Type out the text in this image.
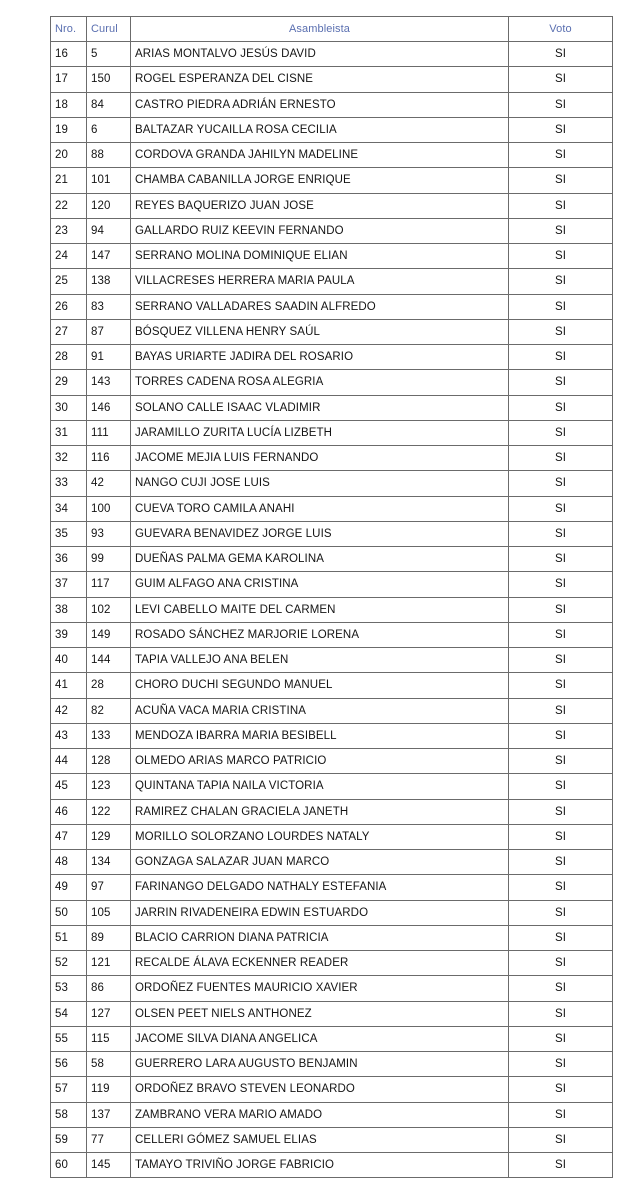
Nro.	Curul	Asambleista	Voto
16	5	ARIAS MONTALVO JESÚS DAVID	SI
17	150	ROGEL ESPERANZA DEL CISNE	SI
18	84	CASTRO PIEDRA ADRIÁN ERNESTO	SI
19	6	BALTAZAR YUCAILLA ROSA CECILIA	SI
20	88	CORDOVA GRANDA JAHILYN MADELINE	SI
21	101	CHAMBA CABANILLA JORGE ENRIQUE	SI
22	120	REYES BAQUERIZO JUAN JOSE	SI
23	94	GALLARDO RUIZ KEEVIN FERNANDO	SI
24	147	SERRANO MOLINA DOMINIQUE ELIAN	SI
25	138	VILLACRESES HERRERA MARIA PAULA	SI
26	83	SERRANO VALLADARES SAADIN ALFREDO	SI
27	87	BÓSQUEZ VILLENA HENRY SAÚL	SI
28	91	BAYAS URIARTE JADIRA DEL ROSARIO	SI
29	143	TORRES CADENA ROSA ALEGRIA	SI
30	146	SOLANO CALLE ISAAC VLADIMIR	SI
31	111	JARAMILLO ZURITA LUCÍA LIZBETH	SI
32	116	JACOME MEJIA LUIS FERNANDO	SI
33	42	NANGO CUJI JOSE LUIS	SI
34	100	CUEVA TORO CAMILA ANAHI	SI
35	93	GUEVARA BENAVIDEZ JORGE LUIS	SI
36	99	DUEÑAS PALMA GEMA KAROLINA	SI
37	117	GUIM ALFAGO ANA CRISTINA	SI
38	102	LEVI CABELLO MAITE DEL CARMEN	SI
39	149	ROSADO SÁNCHEZ MARJORIE LORENA	SI
40	144	TAPIA VALLEJO ANA BELEN	SI
41	28	CHORO DUCHI SEGUNDO MANUEL	SI
42	82	ACUÑA VACA MARIA CRISTINA	SI
43	133	MENDOZA IBARRA MARIA BESIBELL	SI
44	128	OLMEDO ARIAS MARCO PATRICIO	SI
45	123	QUINTANA TAPIA NAILA VICTORIA	SI
46	122	RAMIREZ CHALAN GRACIELA JANETH	SI
47	129	MORILLO SOLORZANO LOURDES NATALY	SI
48	134	GONZAGA SALAZAR JUAN MARCO	SI
49	97	FARINANGO DELGADO NATHALY ESTEFANIA	SI
50	105	JARRIN RIVADENEIRA EDWIN ESTUARDO	SI
51	89	BLACIO CARRION DIANA PATRICIA	SI
52	121	RECALDE ÁLAVA ECKENNER READER	SI
53	86	ORDOÑEZ FUENTES MAURICIO XAVIER	SI
54	127	OLSEN PEET NIELS ANTHONEZ	SI
55	115	JACOME SILVA DIANA ANGELICA	SI
56	58	GUERRERO LARA AUGUSTO BENJAMIN	SI
57	119	ORDOÑEZ BRAVO STEVEN LEONARDO	SI
58	137	ZAMBRANO VERA MARIO AMADO	SI
59	77	CELLERI GÓMEZ SAMUEL ELIAS	SI
60	145	TAMAYO TRIVIÑO JORGE FABRICIO	SI
